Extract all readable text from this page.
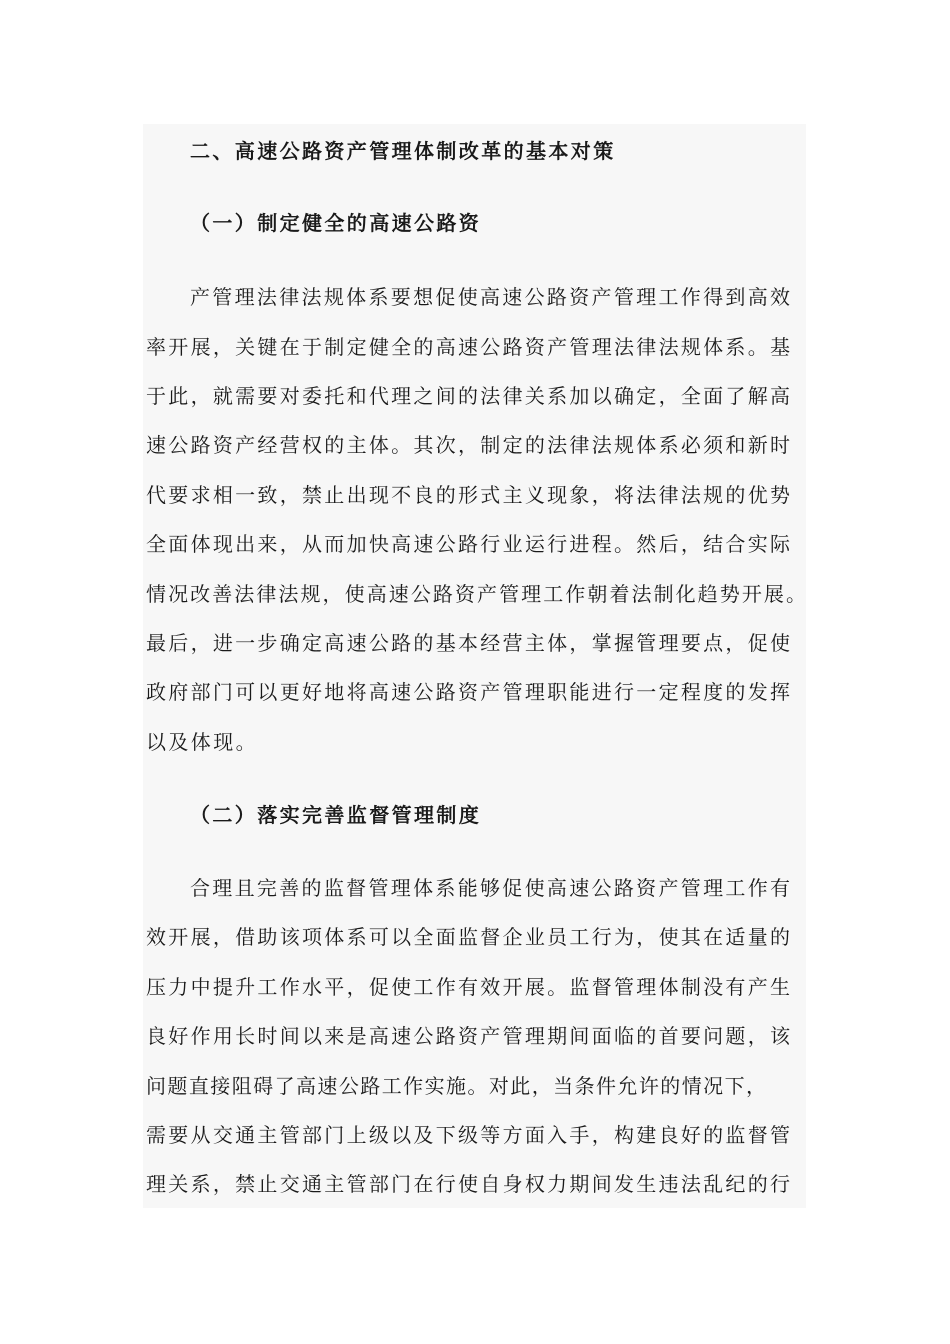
二、高速公路资产管理体制改革的基本对策
（一）制定健全的高速公路资
产管理法律法规体系要想促使高速公路资产管理工作得到高效
率开展，关键在于制定健全的高速公路资产管理法律法规体系。基
于此，就需要对委托和代理之间的法律关系加以确定，全面了解高
速公路资产经营权的主体。其次，制定的法律法规体系必须和新时
代要求相一致，禁止出现不良的形式主义现象，将法律法规的优势
全面体现出来，从而加快高速公路行业运行进程。然后，结合实际
情况改善法律法规，使高速公路资产管理工作朝着法制化趋势开展。
最后，进一步确定高速公路的基本经营主体，掌握管理要点，促使
政府部门可以更好地将高速公路资产管理职能进行一定程度的发挥
以及体现。
（二）落实完善监督管理制度
合理且完善的监督管理体系能够促使高速公路资产管理工作有
效开展，借助该项体系可以全面监督企业员工行为，使其在适量的
压力中提升工作水平，促使工作有效开展。监督管理体制没有产生
良好作用长时间以来是高速公路资产管理期间面临的首要问题，该
问题直接阻碍了高速公路工作实施。对此，当条件允许的情况下，
需要从交通主管部门上级以及下级等方面入手，构建良好的监督管
理关系，禁止交通主管部门在行使自身权力期间发生违法乱纪的行
